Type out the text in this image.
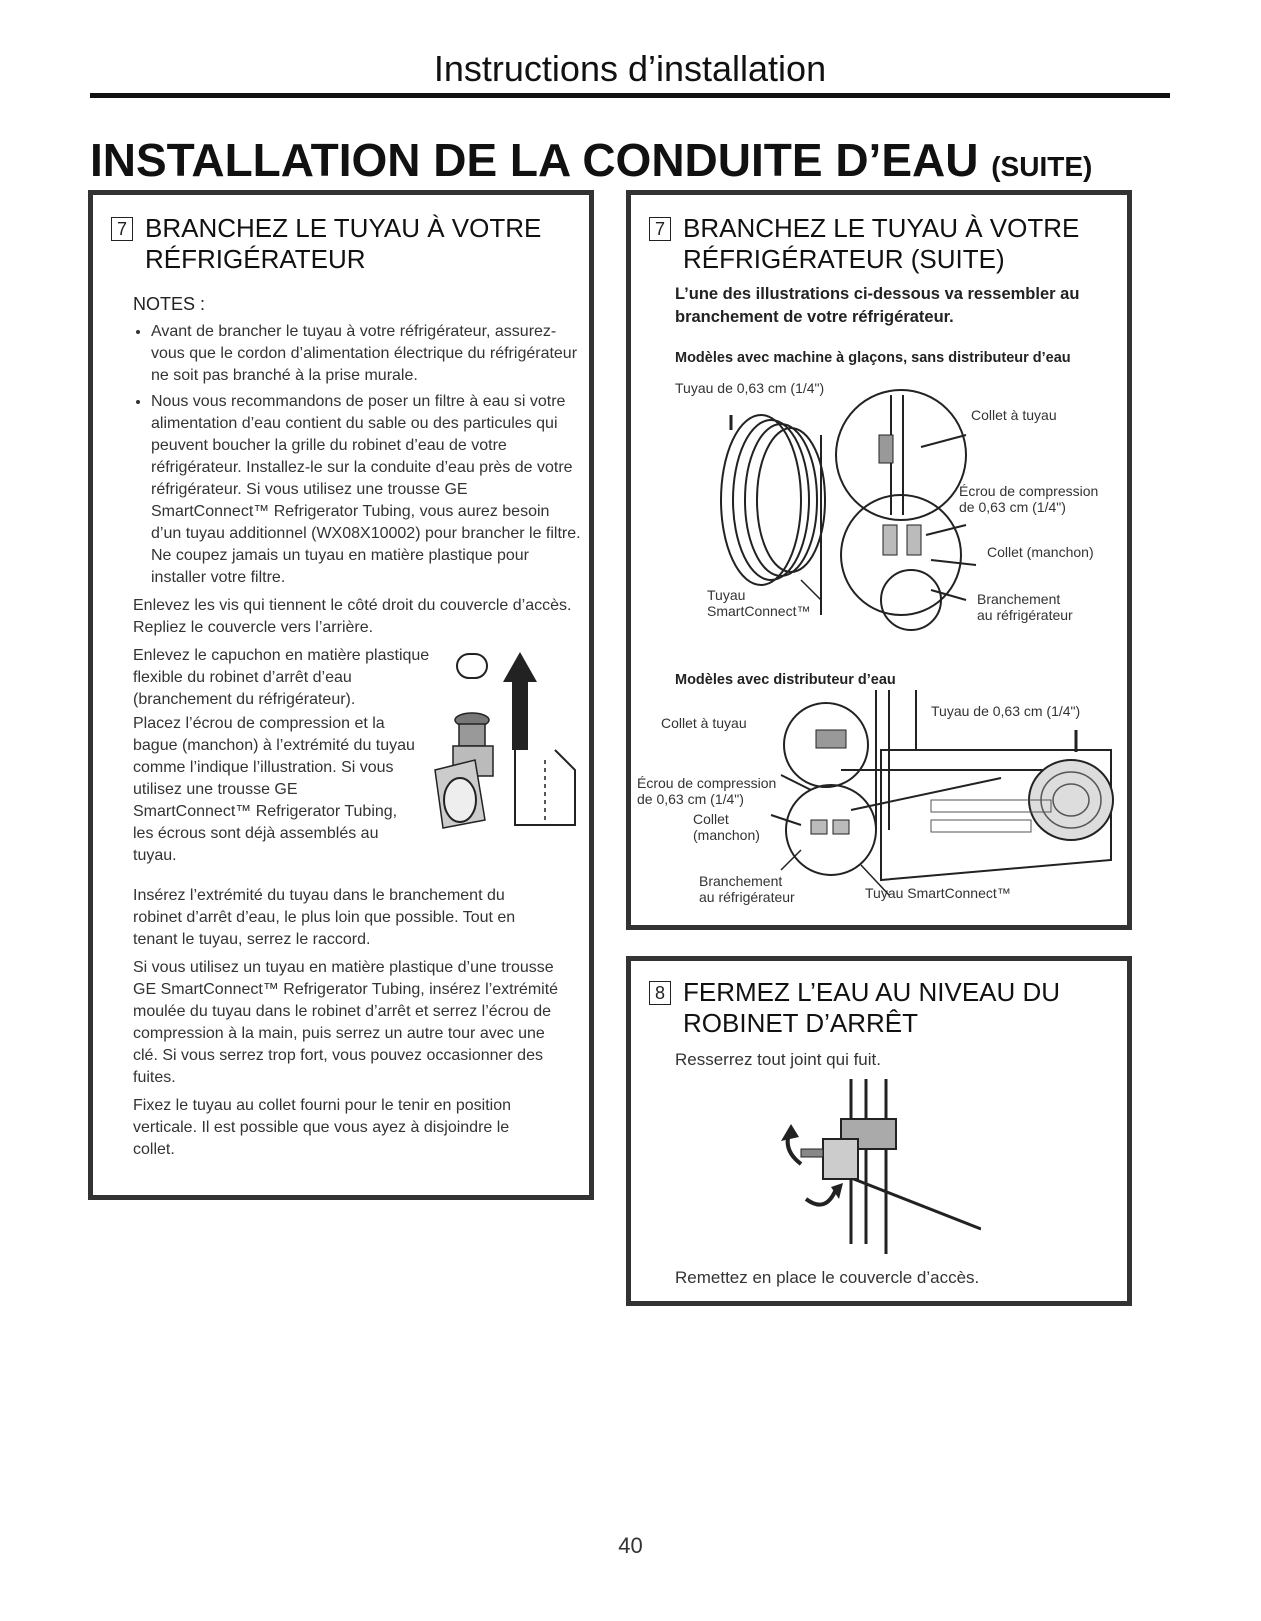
Instructions d’installation
INSTALLATION DE LA CONDUITE D’EAU (SUITE)
7 BRANCHEZ LE TUYAU À VOTRE
RÉFRIGÉRATEUR
NOTES :
• Avant de brancher le tuyau à votre réfrigérateur, assurez-vous que le cordon d’alimentation électrique du réfrigérateur ne soit pas branché à la prise murale.
• Nous vous recommandons de poser un filtre à eau si votre alimentation d’eau contient du sable ou des particules qui peuvent boucher la grille du robinet d’eau de votre réfrigérateur. Installez-le sur la conduite d’eau près de votre réfrigérateur. Si vous utilisez une trousse GE SmartConnect™ Refrigerator Tubing, vous aurez besoin d’un tuyau additionnel (WX08X10002) pour brancher le filtre. Ne coupez jamais un tuyau en matière plastique pour installer votre filtre.

Enlevez les vis qui tiennent le côté droit du couvercle d’accès. Repliez le couvercle vers l’arrière.

Enlevez le capuchon en matière plastique flexible du robinet d’arrêt d’eau (branchement du réfrigérateur).
Placez l’écrou de compression et la bague (manchon) à l’extrémité du tuyau comme l’indique l’illustration. Si vous utilisez une trousse GE SmartConnect™ Refrigerator Tubing, les écrous sont déjà assemblés au tuyau.
Insérez l’extrémité du tuyau dans le branchement du robinet d’arrêt d’eau, le plus loin que possible. Tout en tenant le tuyau, serrez le raccord.
Si vous utilisez un tuyau en matière plastique d’une trousse GE SmartConnect™ Refrigerator Tubing, insérez l’extrémité moulée du tuyau dans le robinet d’arrêt et serrez l’écrou de compression à la main, puis serrez un autre tour avec une clé. Si vous serrez trop fort, vous pouvez occasionner des fuites.
Fixez le tuyau au collet fourni pour le tenir en position verticale. Il est possible que vous ayez à disjoindre le collet.
7 BRANCHEZ LE TUYAU À VOTRE
RÉFRIGÉRATEUR (SUITE)
L’une des illustrations ci-dessous va ressembler au branchement de votre réfrigérateur.
Modèles avec machine à glaçons, sans distributeur d’eau
Tuyau de 0,63 cm (1/4")
Collet à tuyau
Écrou de compression
de 0,63 cm (1/4")
Collet (manchon)
Tuyau
SmartConnect™
Branchement
au réfrigérateur
Modèles avec distributeur d’eau
Collet à tuyau
Tuyau de 0,63 cm (1/4")
Écrou de compression
de 0,63 cm (1/4")
Collet
(manchon)
Branchement
au réfrigérateur	Tuyau SmartConnect™
8 FERMEZ L’EAU AU NIVEAU DU
ROBINET D’ARRÊT
Resserrez tout joint qui fuit.
Remettez en place le couvercle d’accès.
40
